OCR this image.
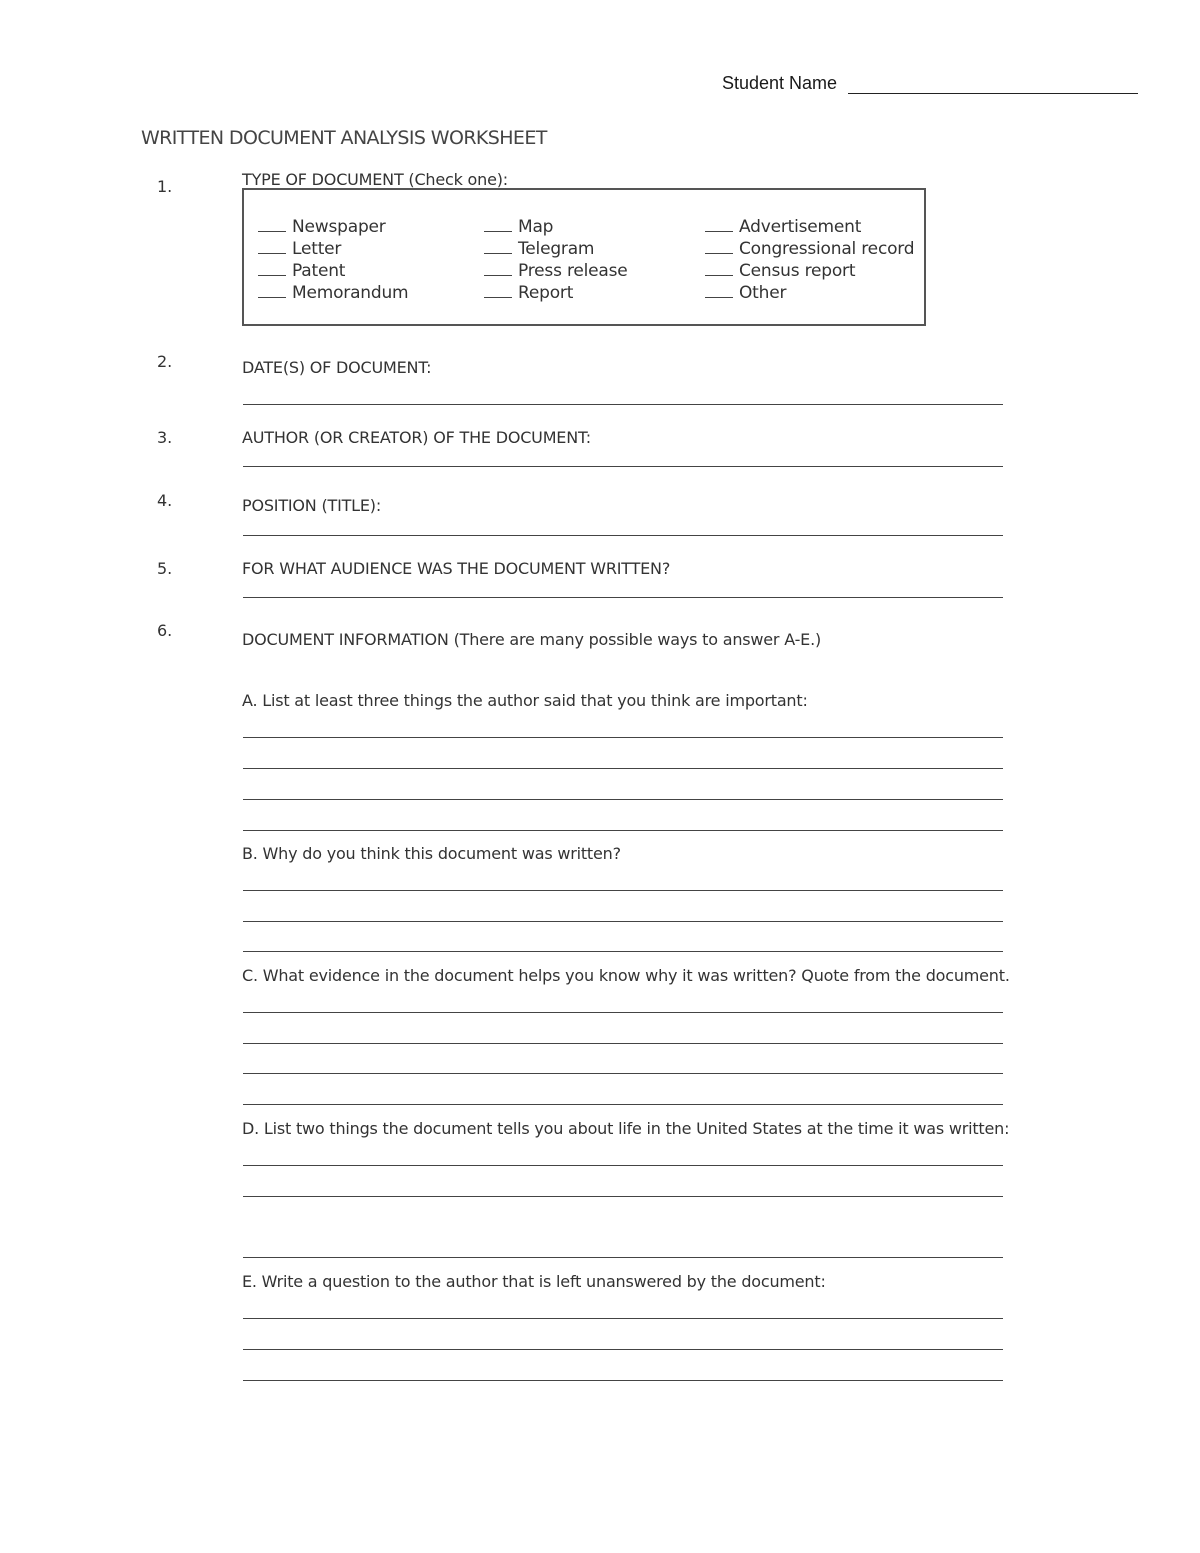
Student Name
WRITTEN DOCUMENT ANALYSIS WORKSHEET
1.	TYPE OF DOCUMENT (Check one):
Newspaper
Letter
Patent
Memorandum
Map
Telegram
Press release
Report
Advertisement
Congressional record
Census report
Other
2.	DATE(S) OF DOCUMENT:
3.	AUTHOR (OR CREATOR) OF THE DOCUMENT:
4.	POSITION (TITLE):
5.	FOR WHAT AUDIENCE WAS THE DOCUMENT WRITTEN?
6.	DOCUMENT INFORMATION (There are many possible ways to answer A-E.)
A. List at least three things the author said that you think are important:
B. Why do you think this document was written?
C. What evidence in the document helps you know why it was written? Quote from the document.
D. List two things the document tells you about life in the United States at the time it was written:
E. Write a question to the author that is left unanswered by the document:
